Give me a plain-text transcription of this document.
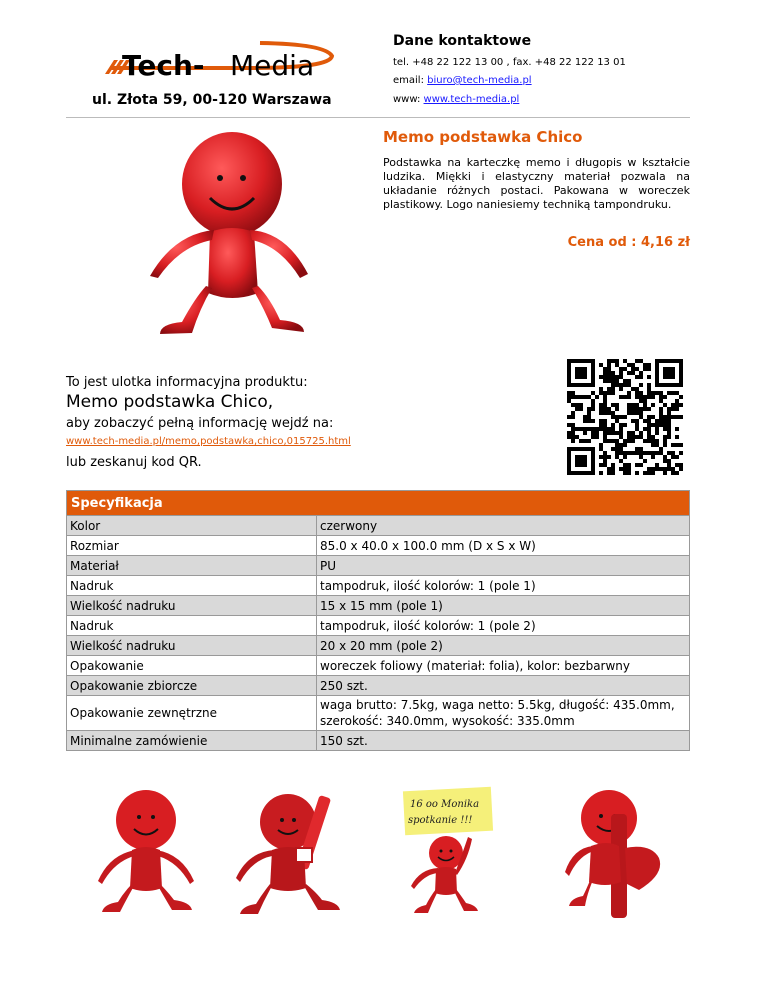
Tech- Media
ul. Złota 59, 00-120 Warszawa
Dane kontaktowe
tel. +48 22 122 13 00 , fax. +48 22 122 13 01
email: biuro@tech-media.pl
www: www.tech-media.pl
Memo podstawka Chico
Podstawka na karteczkę memo i długopis w kształcie ludzika. Miękki i elastyczny materiał pozwala na układanie różnych postaci. Pakowana w woreczek plastikowy. Logo naniesiemy techniką tampondruku.
Cena od : 4,16 zł
To jest ulotka informacyjna produktu:
Memo podstawka Chico,
aby zobaczyć pełną informację wejdź na:
www.tech-media.pl/memo,podstawka,chico,015725.html
lub zeskanuj kod QR.
Specyfikacja	
Kolor	czerwony
Rozmiar	85.0 x 40.0 x 100.0 mm (D x S x W)
Materiał	PU
Nadruk	tampodruk, ilość kolorów: 1 (pole 1)
Wielkość nadruku	15 x 15 mm (pole 1)
Nadruk	tampodruk, ilość kolorów: 1 (pole 2)
Wielkość nadruku	20 x 20 mm (pole 2)
Opakowanie	woreczek foliowy (materiał: folia), kolor: bezbarwny
Opakowanie zbiorcze	250 szt.
Opakowanie zewnętrzne	waga brutto: 7.5kg, waga netto: 5.5kg, długość: 435.0mm, szerokość: 340.0mm, wysokość: 335.0mm
Minimalne zamówienie	150 szt.
16 oo Monika
spotkanie !!!
